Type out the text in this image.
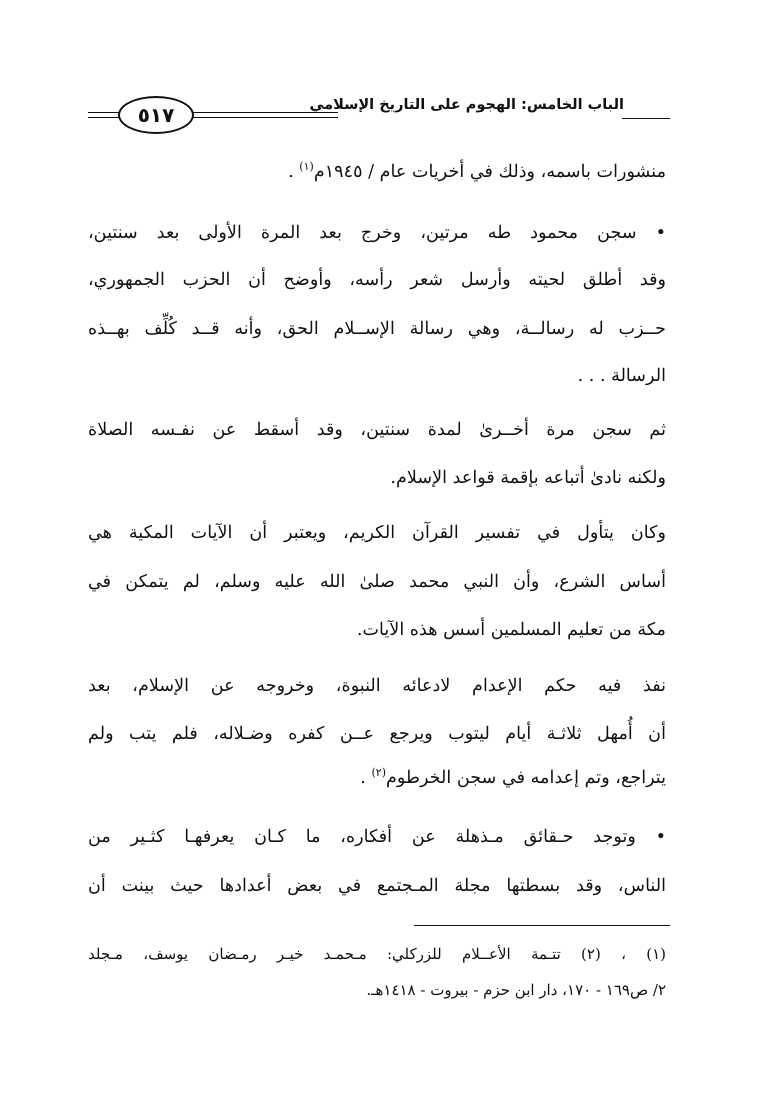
٥١٧	الباب الخامس: الهجوم على التاريخ الإسلامي
منشورات باسمه، وذلك في أخريات عام / ١٩٤٥م$^{(١)}$ .
• سجن محمود طه مرتين، وخرج بعد المرة الأولى بعد سنتين،
وقد أطلق لحيته وأرسل شعر رأسه، وأوضح أن الحزب الجمهوري،
حــزب له رسالــة، وهي رسالة الإســلام الحق، وأنه قــد كُلِّف بهــذه
الرسالة . . .
ثم سجن مرة أخــرىٰ لمدة سنتين، وقد أسقط عن نفـسه الصلاة
ولكنه نادىٰ أتباعه بإقمة قواعد الإسلام.
وكان يتأول في تفسير القرآن الكريم، ويعتبر أن الآيات المكية هي
أساس الشرع، وأن النبي محمد صلىٰ الله عليه وسلم، لم يتمكن في
مكة من تعليم المسلمين أسس هذه الآيات.
نفذ فيه حكم الإعدام لادعائه النبوة، وخروجه عن الإسلام، بعد
أن أُمهل ثلاثـة أيام ليتوب ويرجع عــن كفره وضـلاله، فلم يتب ولم
يتراجع، وتم إعدامه في سجن الخرطوم$^{(٢)}$ .
• وتوجد حـقائق مـذهلة عن أفكاره، ما كـان يعرفهـا كثـير من
الناس، وقد بسطتها مجلة المـجتمع في بعض أعدادها حيث بينت أن
(١) ، (٢) تتـمة الأعــلام للزركلي: مـحمـد خيـر رمـضان يوسف، مـجلد
٢/ ص١٦٩ - ١٧٠، دار ابن حزم - بيروت - ١٤١٨هـ.
